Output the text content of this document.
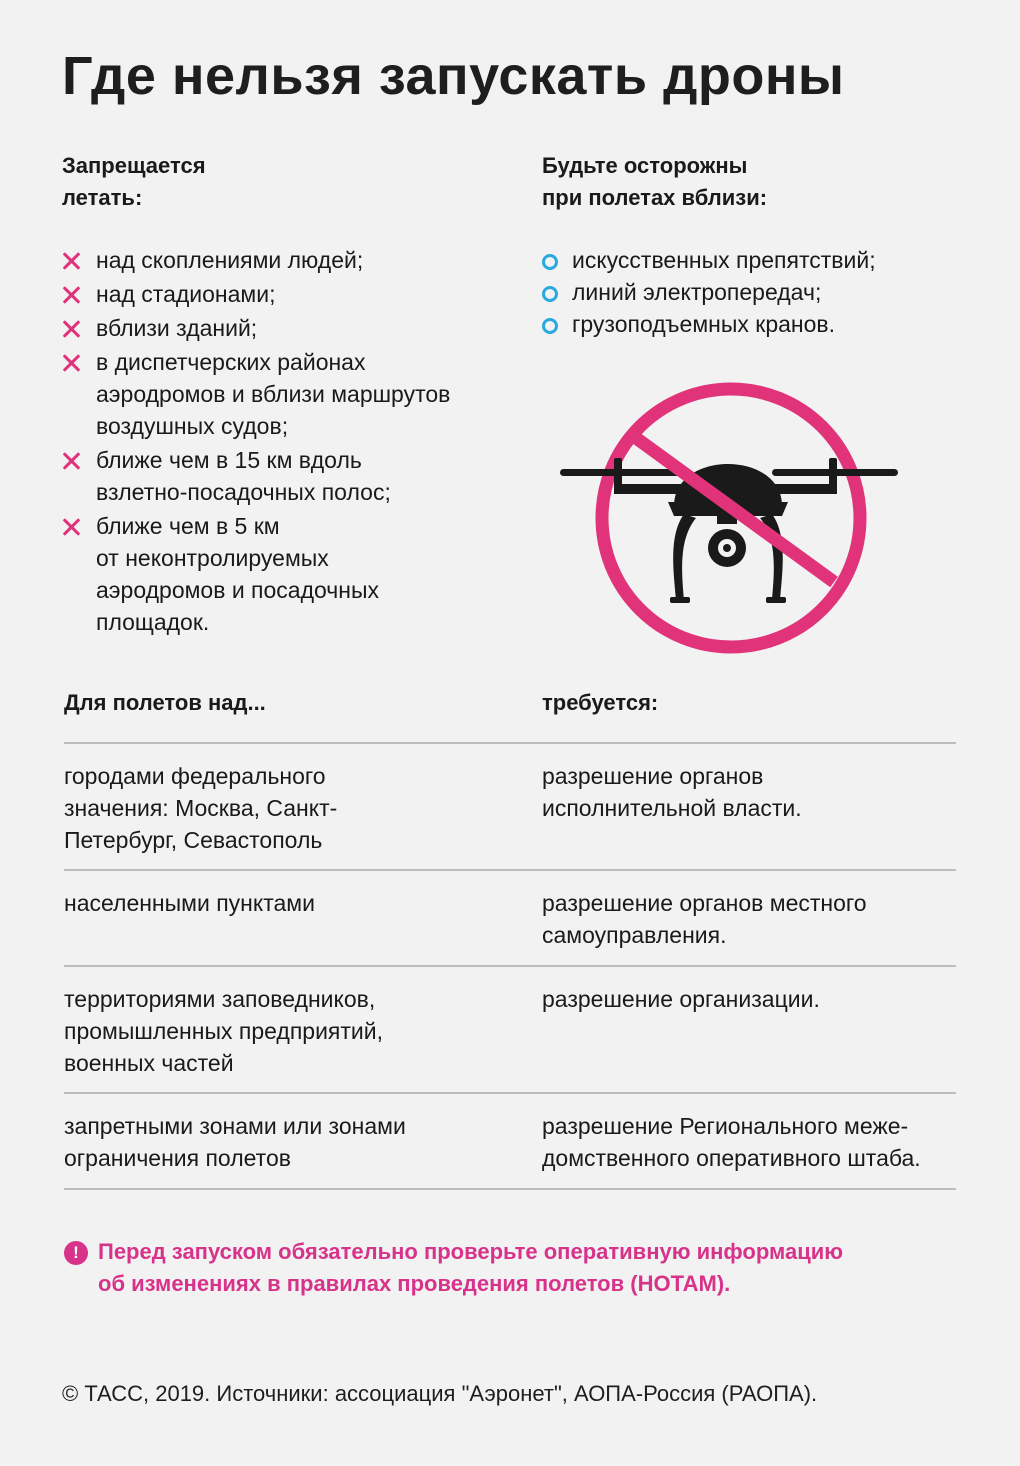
Где нельзя запускать дроны
Запрещается
летать:
над скоплениями людей;
над стадионами;
вблизи зданий;
в диспетчерских районах
аэродромов и вблизи маршрутов
воздушных судов;
ближе чем в 15 км вдоль
взлетно-посадочных полос;
ближе чем в 5 км
от неконтролируемых
аэродромов и посадочных
площадок.
Будьте осторожны
при полетах вблизи:
искусственных препятствий;
линий электропередач;
грузоподъемных кранов.
Для полетов над...	требуется:
городами федерального
значения: Москва, Санкт-
Петербург, Севастополь
разрешение органов
исполнительной власти.
населенными пунктами	разрешение органов местного
самоуправления.
территориями заповедников,
промышленных предприятий,
военных частей
разрешение организации.
запретными зонами или зонами
ограничения полетов
разрешение Регионального меже-
домственного оперативного штаба.
! Перед запуском обязательно проверьте оперативную информацию
об изменениях в правилах проведения полетов (НОТАМ).
© ТАСС, 2019. Источники: ассоциация "Аэронет", АОПА-Россия (РАОПА).
